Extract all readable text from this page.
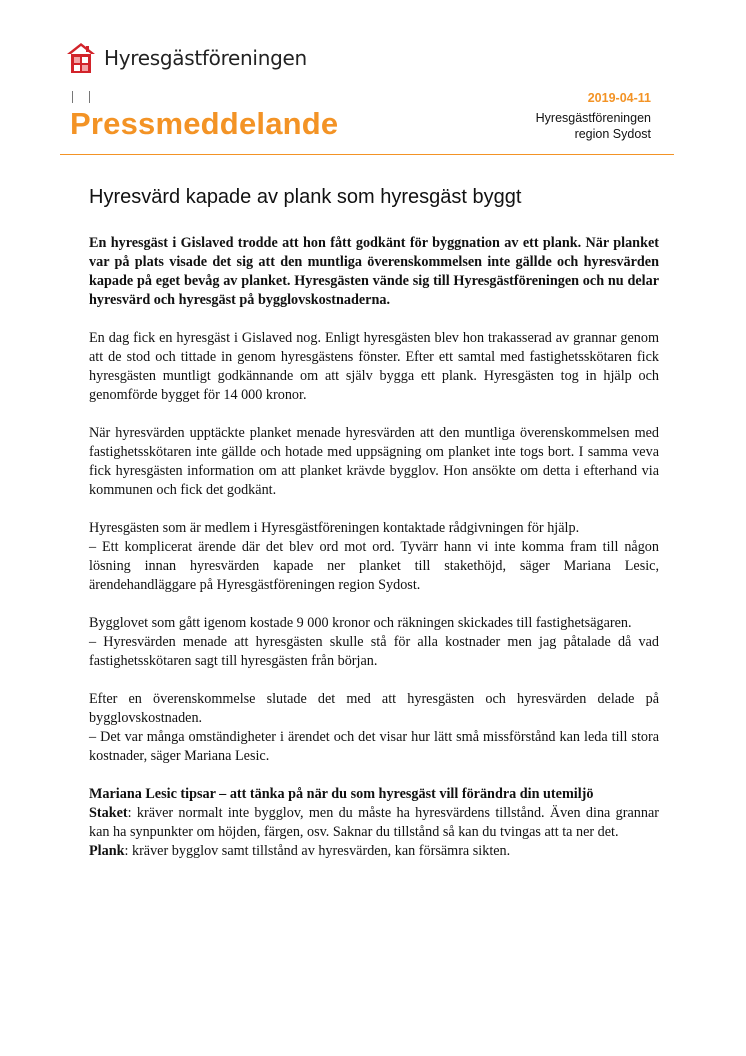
Hyresgästföreningen
Pressmeddelande
2019-04-11
Hyresgästföreningen
region Sydost
Hyresvärd kapade av plank som hyresgäst byggt

En hyresgäst i Gislaved trodde att hon fått godkänt för byggnation av ett plank. När planket var på plats visade det sig att den muntliga överenskommelsen inte gällde och hyresvärden kapade på eget bevåg av planket. Hyresgästen vände sig till Hyresgästföreningen och nu delar hyresvärd och hyresgäst på bygglovskostnaderna.

En dag fick en hyresgäst i Gislaved nog. Enligt hyresgästen blev hon trakasserad av grannar genom att de stod och tittade in genom hyresgästens fönster. Efter ett samtal med fastighetsskötaren fick hyresgästen muntligt godkännande om att själv bygga ett plank. Hyresgästen tog in hjälp och genomförde bygget för 14 000 kronor.

När hyresvärden upptäckte planket menade hyresvärden att den muntliga överenskommelsen med fastighetsskötaren inte gällde och hotade med uppsägning om planket inte togs bort. I samma veva fick hyresgästen information om att planket krävde bygglov. Hon ansökte om detta i efterhand via kommunen och fick det godkänt.

Hyresgästen som är medlem i Hyresgästföreningen kontaktade rådgivningen för hjälp.

– Ett komplicerat ärende där det blev ord mot ord. Tyvärr hann vi inte komma fram till någon lösning innan hyresvärden kapade ner planket till stakethöjd, säger Mariana Lesic, ärendehandläggare på Hyresgästföreningen region Sydost.

Bygglovet som gått igenom kostade 9 000 kronor och räkningen skickades till fastighetsägaren.

– Hyresvärden menade att hyresgästen skulle stå för alla kostnader men jag påtalade då vad fastighetsskötaren sagt till hyresgästen från början.

Efter en överenskommelse slutade det med att hyresgästen och hyresvärden delade på bygglovskostnaden.

– Det var många omständigheter i ärendet och det visar hur lätt små missförstånd kan leda till stora kostnader, säger Mariana Lesic.

Mariana Lesic tipsar – att tänka på när du som hyresgäst vill förändra din utemiljö

Staket: kräver normalt inte bygglov, men du måste ha hyresvärdens tillstånd. Även dina grannar kan ha synpunkter om höjden, färgen, osv. Saknar du tillstånd så kan du tvingas att ta ner det.

Plank: kräver bygglov samt tillstånd av hyresvärden, kan försämra sikten.
